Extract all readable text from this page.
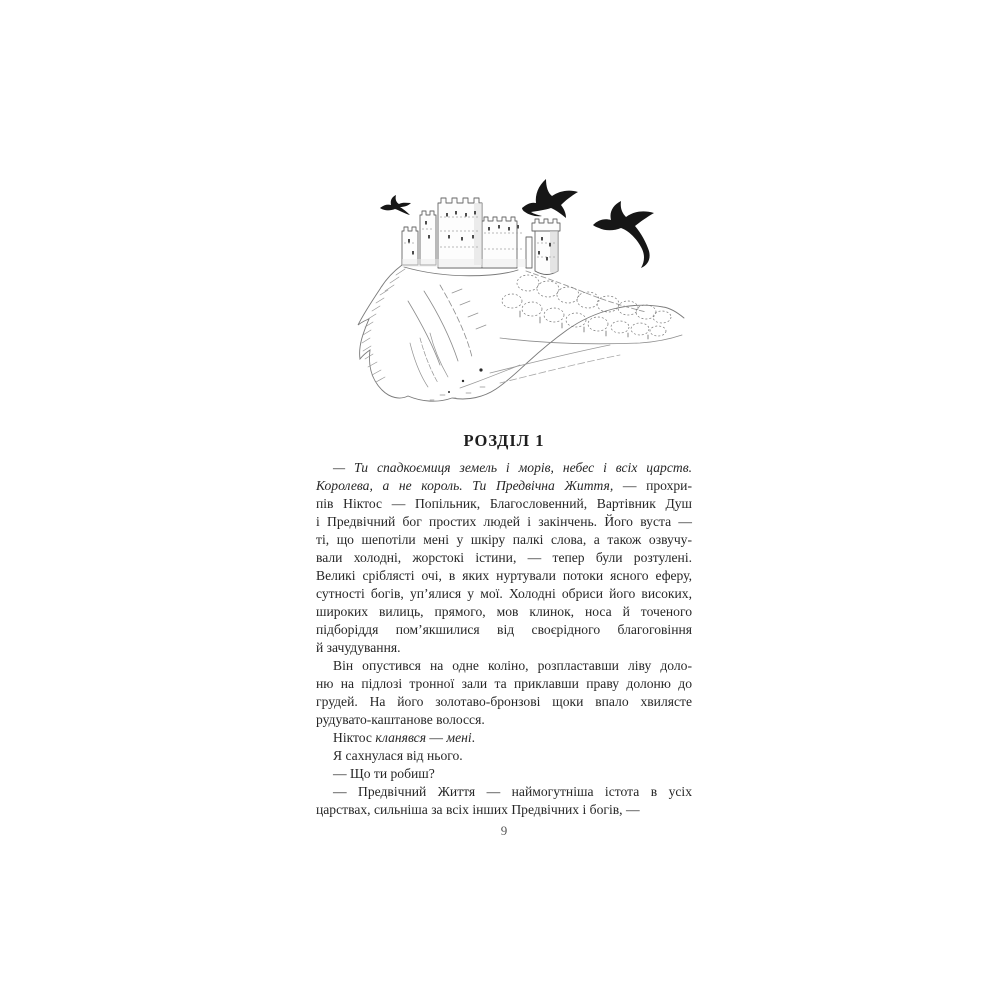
РОЗДІЛ 1
— Ти спадкоємиця земель і морів, небес і всіх царств.
Королева, а не король. Ти Предвічна Життя, — прохри-
пів Ніктос — Попільник, Благословенний, Вартівник Душ
і Предвічний бог простих людей і закінчень. Його вуста —
ті, що шепотіли мені у шкіру палкі слова, а також озвучу-
вали холодні, жорстокі істини, — тепер були розтулені.
Великі сріблясті очі, в яких нуртували потоки ясного еферу,
сутності богів, уп’ялися у мої. Холодні обриси його високих,
широких вилиць, прямого, мов клинок, носа й точеного
підборіддя пом’якшилися від своєрідного благоговіння
й зачудування.
Він опустився на одне коліно, розпластавши ліву доло-
ню на підлозі тронної зали та приклавши праву долоню до
грудей. На його золотаво-бронзові щоки впало хвилясте
рудувато-каштанове волосся.
Ніктос кланявся — мені.
Я сахнулася від нього.
— Що ти робиш?
— Предвічний Життя — наймогутніша істота в усіх
царствах, сильніша за всіх інших Предвічних і богів, —
9
